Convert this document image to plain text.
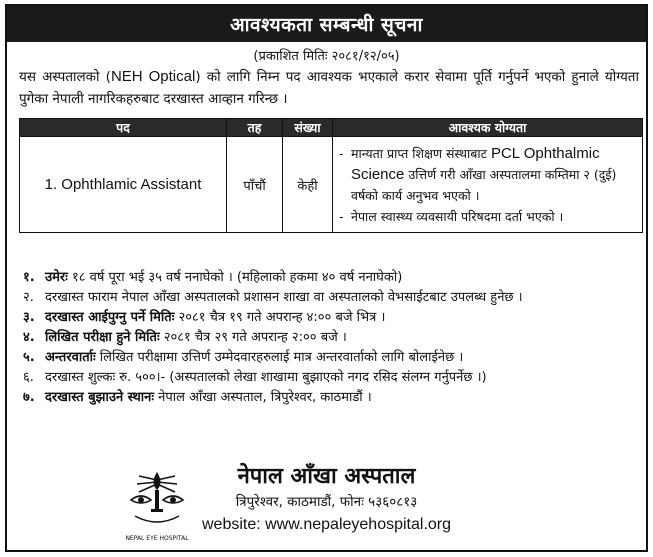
आवश्यकता सम्बन्धी सूचना
(प्रकाशित मितिः २०८१/१२/०५)
यस अस्पतालको (NEH Optical) को लागि निम्न पद आवश्यक भएकाले करार सेवामा पूर्ति गर्नुपर्ने भएको हुनाले योग्यता पुगेका नेपाली नागरिकहरुबाट दरखास्त आव्हान गरिन्छ ।
पद	तह	संख्या	आवश्यक योग्यता
1. Ophthlamic Assistant	पाँचौं	केही	- मान्यता प्राप्त शिक्षण संस्थाबाट PCL Ophthalmic Science उत्तिर्ण गरी आँखा अस्पतालमा कम्तिमा २ (दुई) वर्षको कार्य अनुभव भएको ।
- नेपाल स्वास्थ्य व्यवसायी परिषदमा दर्ता भएको ।
१. उमेरः १८ वर्ष पूरा भई ३५ वर्ष ननाघेको । (महिलाको हकमा ४० वर्ष ननाघेको)
२. दरखास्त फाराम नेपाल आँखा अस्पतालको प्रशासन शाखा वा अस्पतालको वेभसाईटबाट उपलब्ध हुनेछ ।
३. दरखास्त आईपुग्नु पर्ने मितिः २०८१ चैत्र १९ गते अपरान्ह ४:०० बजे भित्र ।
४. लिखित परीक्षा हुने मितिः २०८१ चैत्र २९ गते अपरान्ह २:०० बजे ।
५. अन्तरवार्ताः लिखित परीक्षामा उत्तिर्ण उम्मेदवारहरुलाई मात्र अन्तरवार्ताको लागि बोलाईनेछ ।
६. दरखास्त शुल्कः रु. ५००।- (अस्पतालको लेखा शाखामा बुझाएको नगद रसिद संलग्न गर्नुपर्नेछ ।)
७. दरखास्त बुझाउने स्थानः नेपाल आँखा अस्पताल, त्रिपुरेश्वर, काठमाडौं ।
NEPAL EYE HOSPITAL
नेपाल आँखा अस्पताल
त्रिपुरेश्वर, काठमाडौं, फोनः ५३६०८१३
website: www.nepaleyehospital.org
